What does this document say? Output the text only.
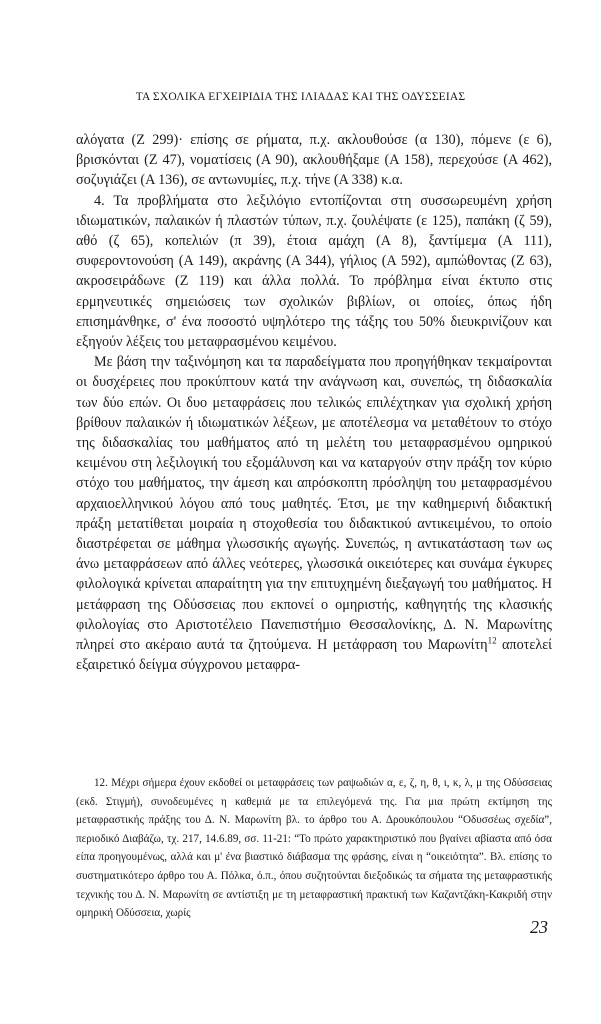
ΤΑ ΣΧΟΛΙΚΑ ΕΓΧΕΙΡΙΔΙΑ ΤΗΣ ΙΛΙΑΔΑΣ ΚΑΙ ΤΗΣ ΟΔΥΣΣΕΙΑΣ

αλόγατα (Ζ 299)· επίσης σε ρήματα, π.χ. ακλουθούσε (α 130), πόμενε (ε 6), βρισκόνται (Ζ 47), νοματίσεις (Α 90), ακλουθήξαμε (Α 158), περεχούσε (Α 462), σοζυγιάζει (Α 136), σε αντωνυμίες, π.χ. τήνε (Α 338) κ.α.

4. Τα προβλήματα στο λεξιλόγιο εντοπίζονται στη συσσωρευμένη χρήση ιδιωματικών, παλαικών ή πλαστών τύπων, π.χ. ζουλέψατε (ε 125), παπάκη (ζ 59), αθό (ζ 65), κοπελιών (π 39), έτοια αμάχη (Α 8), ξαντίμεμα (Α 111), συφεροντονούση (Α 149), ακράνης (Α 344), γήλιος (Α 592), αμπώθοντας (Ζ 63), ακροσειράδωνε (Ζ 119) και άλλα πολλά. Το πρόβλημα είναι έκτυπο στις ερμηνευτικές σημειώσεις των σχολικών βιβλίων, οι οποίες, όπως ήδη επισημάνθηκε, σ' ένα ποσοστό υψηλότερο της τάξης του 50% διευκρινίζουν και εξηγούν λέξεις του μεταφρασμένου κειμένου.

Με βάση την ταξινόμηση και τα παραδείγματα που προηγήθηκαν τεκμαίρονται οι δυσχέρειες που προκύπτουν κατά την ανάγνωση και, συνεπώς, τη διδασκαλία των δύο επών. Οι δυο μεταφράσεις που τελικώς επιλέχτηκαν για σχολική χρήση βρίθουν παλαικών ή ιδιωματικών λέξεων, με αποτέλεσμα να μεταθέτουν το στόχο της διδασκαλίας του μαθήματος από τη μελέτη του μεταφρασμένου ομηρικού κειμένου στη λεξιλογική του εξομάλυνση και να καταργούν στην πράξη τον κύριο στόχο του μαθήματος, την άμεση και απρόσκοπτη πρόσληψη του μεταφρασμένου αρχαιοελληνικού λόγου από τους μαθητές. Έτσι, με την καθημερινή διδακτική πράξη μετατίθεται μοιραία η στοχοθεσία του διδακτικού αντικειμένου, το οποίο διαστρέφεται σε μάθημα γλωσσικής αγωγής. Συνεπώς, η αντικατάσταση των ως άνω μεταφράσεων από άλλες νεότερες, γλωσσικά οικειότερες και συνάμα έγκυρες φιλολογικά κρίνεται απαραίτητη για την επιτυχημένη διεξαγωγή του μαθήματος. Η μετάφραση της Οδύσσειας που εκπονεί ο ομηριστής, καθηγητής της κλασικής φιλολογίας στο Αριστοτέλειο Πανεπιστήμιο Θεσσαλονίκης, Δ. Ν. Μαρωνίτης πληρεί στο ακέραιο αυτά τα ζητούμενα. Η μετάφραση του Μαρωνίτη$^{12}$ αποτελεί εξαιρετικό δείγμα σύγχρονου μεταφρα-

12. Μέχρι σήμερα έχουν εκδοθεί οι μεταφράσεις των ραψωδιών α, ε, ζ, η, θ, ι, κ, λ, μ της Οδύσσειας (εκδ. Στιγμή), συνοδευμένες η καθεμιά με τα επιλεγόμενά της. Για μια πρώτη εκτίμηση της μεταφραστικής πράξης του Δ. Ν. Μαρωνίτη βλ. το άρθρο του Α. Δρουκόπουλου “Οδυσσέως σχεδία”, περιοδικό Διαβάζω, τχ. 217, 14.6.89, σσ. 11-21: “Το πρώτο χαρακτηριστικό που βγαίνει αβίαστα από όσα είπα προηγουμένως, αλλά και μ' ένα βιαστικό διάβασμα της φράσης, είναι η “οικειότητα”. Βλ. επίσης το συστηματικότερο άρθρο του Α. Πόλκα, ό.π., όπου συζητούνται διεξοδικώς τα σήματα της μεταφραστικής τεχνικής του Δ. Ν. Μαρωνίτη σε αντίστιξη με τη μεταφραστική πρακτική των Καζαντζάκη-Κακριδή στην ομηρική Οδύσσεια, χωρίς

23
